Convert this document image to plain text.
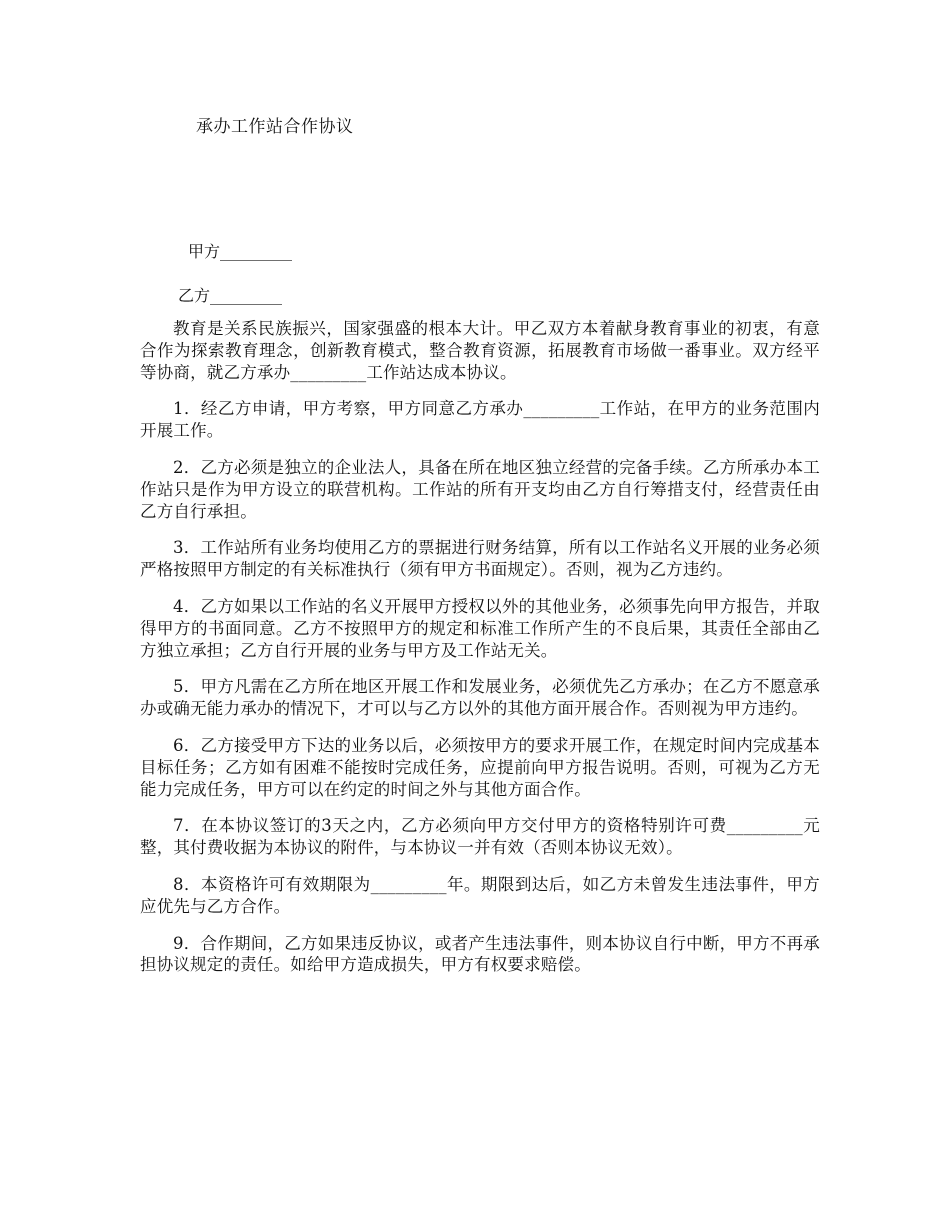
承办工作站合作协议
甲方_________
乙方_________

教育是关系民族振兴，国家强盛的根本大计。甲乙双方本着献身教育事业的初衷，有意合作为探索教育理念，创新教育模式，整合教育资源，拓展教育市场做一番事业。双方经平等协商，就乙方承办_________工作站达成本协议。

1．经乙方申请，甲方考察，甲方同意乙方承办_________工作站，在甲方的业务范围内开展工作。

2．乙方必须是独立的企业法人，具备在所在地区独立经营的完备手续。乙方所承办本工作站只是作为甲方设立的联营机构。工作站的所有开支均由乙方自行筹措支付，经营责任由乙方自行承担。

3．工作站所有业务均使用乙方的票据进行财务结算，所有以工作站名义开展的业务必须严格按照甲方制定的有关标准执行（须有甲方书面规定）。否则，视为乙方违约。

4．乙方如果以工作站的名义开展甲方授权以外的其他业务，必须事先向甲方报告，并取得甲方的书面同意。乙方不按照甲方的规定和标准工作所产生的不良后果，其责任全部由乙方独立承担；乙方自行开展的业务与甲方及工作站无关。

5．甲方凡需在乙方所在地区开展工作和发展业务，必须优先乙方承办；在乙方不愿意承办或确无能力承办的情况下，才可以与乙方以外的其他方面开展合作。否则视为甲方违约。

6．乙方接受甲方下达的业务以后，必须按甲方的要求开展工作，在规定时间内完成基本目标任务；乙方如有困难不能按时完成任务，应提前向甲方报告说明。否则，可视为乙方无能力完成任务，甲方可以在约定的时间之外与其他方面合作。

7．在本协议签订的3天之内，乙方必须向甲方交付甲方的资格特别许可费_________元整，其付费收据为本协议的附件，与本协议一并有效（否则本协议无效）。

8．本资格许可有效期限为_________年。期限到达后，如乙方未曾发生违法事件，甲方应优先与乙方合作。

9．合作期间，乙方如果违反协议，或者产生违法事件，则本协议自行中断，甲方不再承担协议规定的责任。如给甲方造成损失，甲方有权要求赔偿。
